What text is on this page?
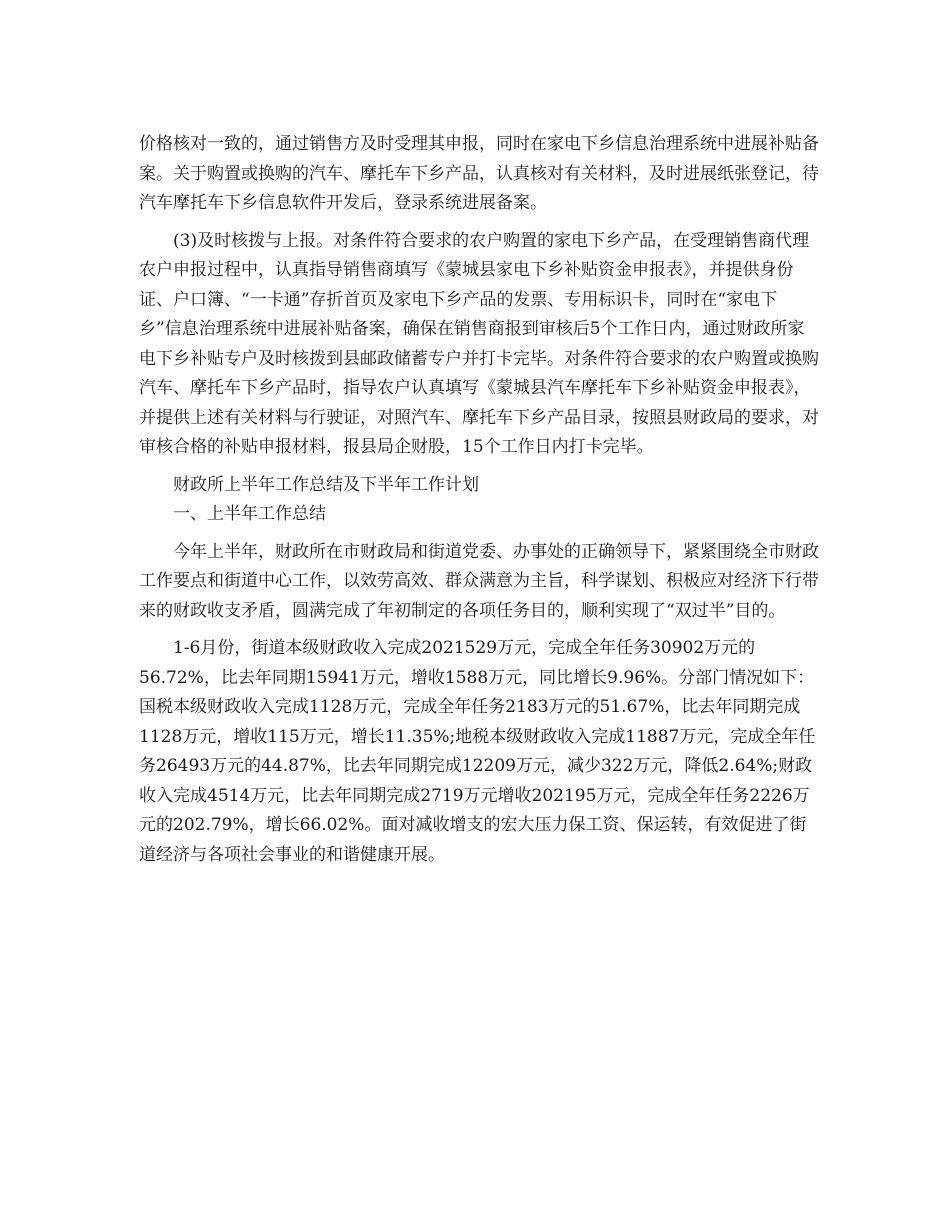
价格核对一致的，通过销售方及时受理其申报，同时在家电下乡信息治理系统中进展补贴备案。关于购置或换购的汽车、摩托车下乡产品，认真核对有关材料，及时进展纸张登记，待汽车摩托车下乡信息软件开发后，登录系统进展备案。

(3)及时核拨与上报。对条件符合要求的农户购置的家电下乡产品，在受理销售商代理农户申报过程中，认真指导销售商填写《蒙城县家电下乡补贴资金申报表》，并提供身份证、户口簿、“一卡通”存折首页及家电下乡产品的发票、专用标识卡，同时在“家电下乡”信息治理系统中进展补贴备案，确保在销售商报到审核后5个工作日内，通过财政所家电下乡补贴专户及时核拨到县邮政储蓄专户并打卡完毕。对条件符合要求的农户购置或换购汽车、摩托车下乡产品时，指导农户认真填写《蒙城县汽车摩托车下乡补贴资金申报表》，并提供上述有关材料与行驶证，对照汽车、摩托车下乡产品目录，按照县财政局的要求，对审核合格的补贴申报材料，报县局企财股，15个工作日内打卡完毕。

财政所上半年工作总结及下半年工作计划

一、上半年工作总结

今年上半年，财政所在市财政局和街道党委、办事处的正确领导下，紧紧围绕全市财政工作要点和街道中心工作，以效劳高效、群众满意为主旨，科学谋划、积极应对经济下行带来的财政收支矛盾，圆满完成了年初制定的各项任务目的，顺利实现了“双过半”目的。

1-6月份，街道本级财政收入完成2021529万元，完成全年任务30902万元的56.72%，比去年同期15941万元，增收1588万元，同比增长9.96%。分部门情况如下：国税本级财政收入完成1128万元，完成全年任务2183万元的51.67%，比去年同期完成1128万元，增收115万元，增长11.35%;地税本级财政收入完成11887万元，完成全年任务26493万元的44.87%，比去年同期完成12209万元，减少322万元，降低2.64%;财政收入完成4514万元，比去年同期完成2719万元增收202195万元，完成全年任务2226万元的202.79%，增长66.02%。面对减收增支的宏大压力保工资、保运转，有效促进了街道经济与各项社会事业的和谐健康开展。
